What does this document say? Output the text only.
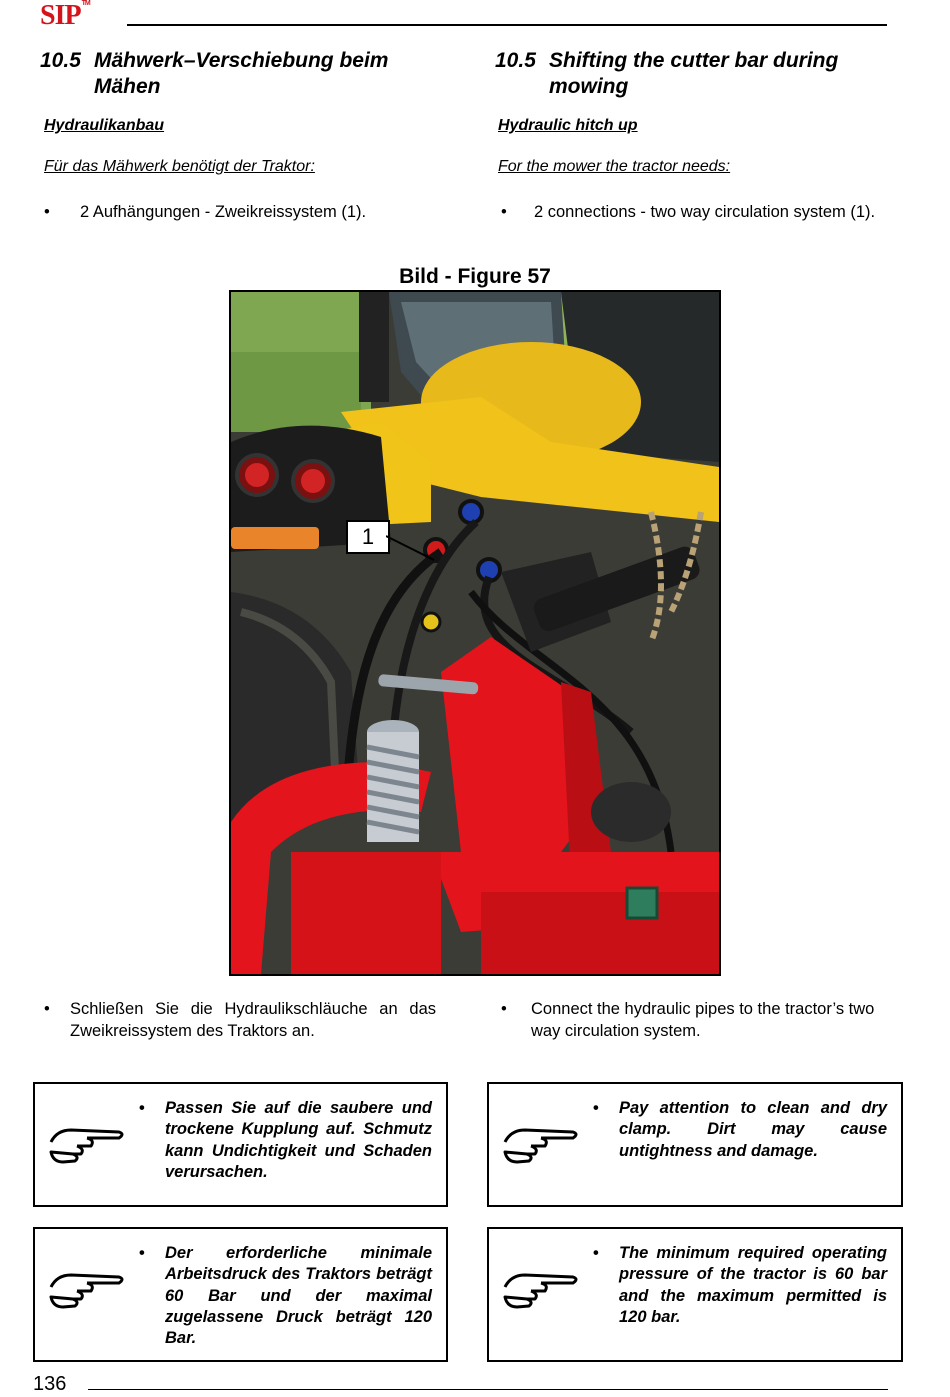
SIP™
10.5 Mähwerk–Verschiebung beim
Mähen
Hydraulikanbau
Für das Mähwerk benötigt der Traktor:
• 2 Aufhängungen - Zweikreissystem (1).
10.5 Shifting the cutter bar during
mowing
Hydraulic hitch up
For the mower the tractor needs:
• 2 connections - two way circulation system (1).
Bild - Figure 57
1
• Schließen Sie die Hydraulikschläuche an das Zweikreissystem des Traktors an.
• Connect the hydraulic pipes to the tractor’s two way circulation system.
• Passen Sie auf die saubere und trockene Kupplung auf. Schmutz kann Undichtigkeit und Schaden verursachen.
• Pay attention to clean and dry clamp. Dirt may cause untightness and damage.
• Der erforderliche minimale Arbeitsdruck des Traktors beträgt 60 Bar und der maximal zugelassene Druck beträgt 120 Bar.
• The minimum required operating pressure of the tractor is 60 bar and the maximum permitted is 120 bar.
136
